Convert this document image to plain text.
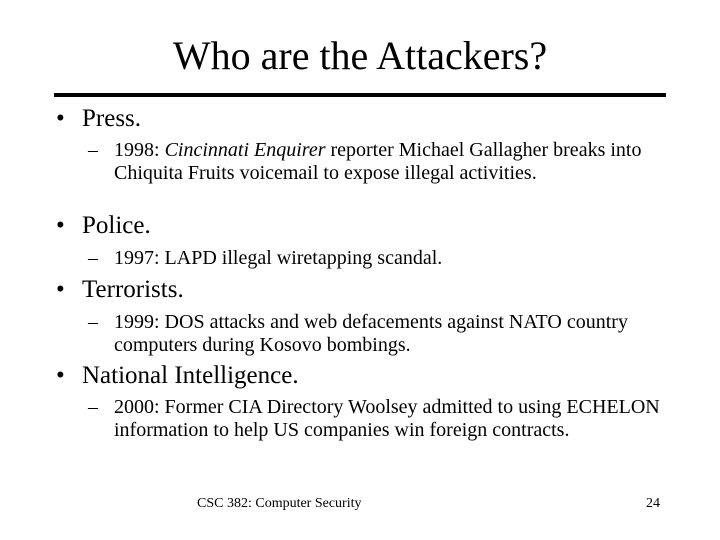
Who are the Attackers?
• Press.
– 1998: Cincinnati Enquirer reporter Michael Gallagher breaks into Chiquita Fruits voicemail to expose illegal activities.
• Police.
– 1997: LAPD illegal wiretapping scandal.
• Terrorists.
– 1999: DOS attacks and web defacements against NATO country computers during Kosovo bombings.
• National Intelligence.
– 2000: Former CIA Directory Woolsey admitted to using ECHELON information to help US companies win foreign contracts.
CSC 382: Computer Security	24
